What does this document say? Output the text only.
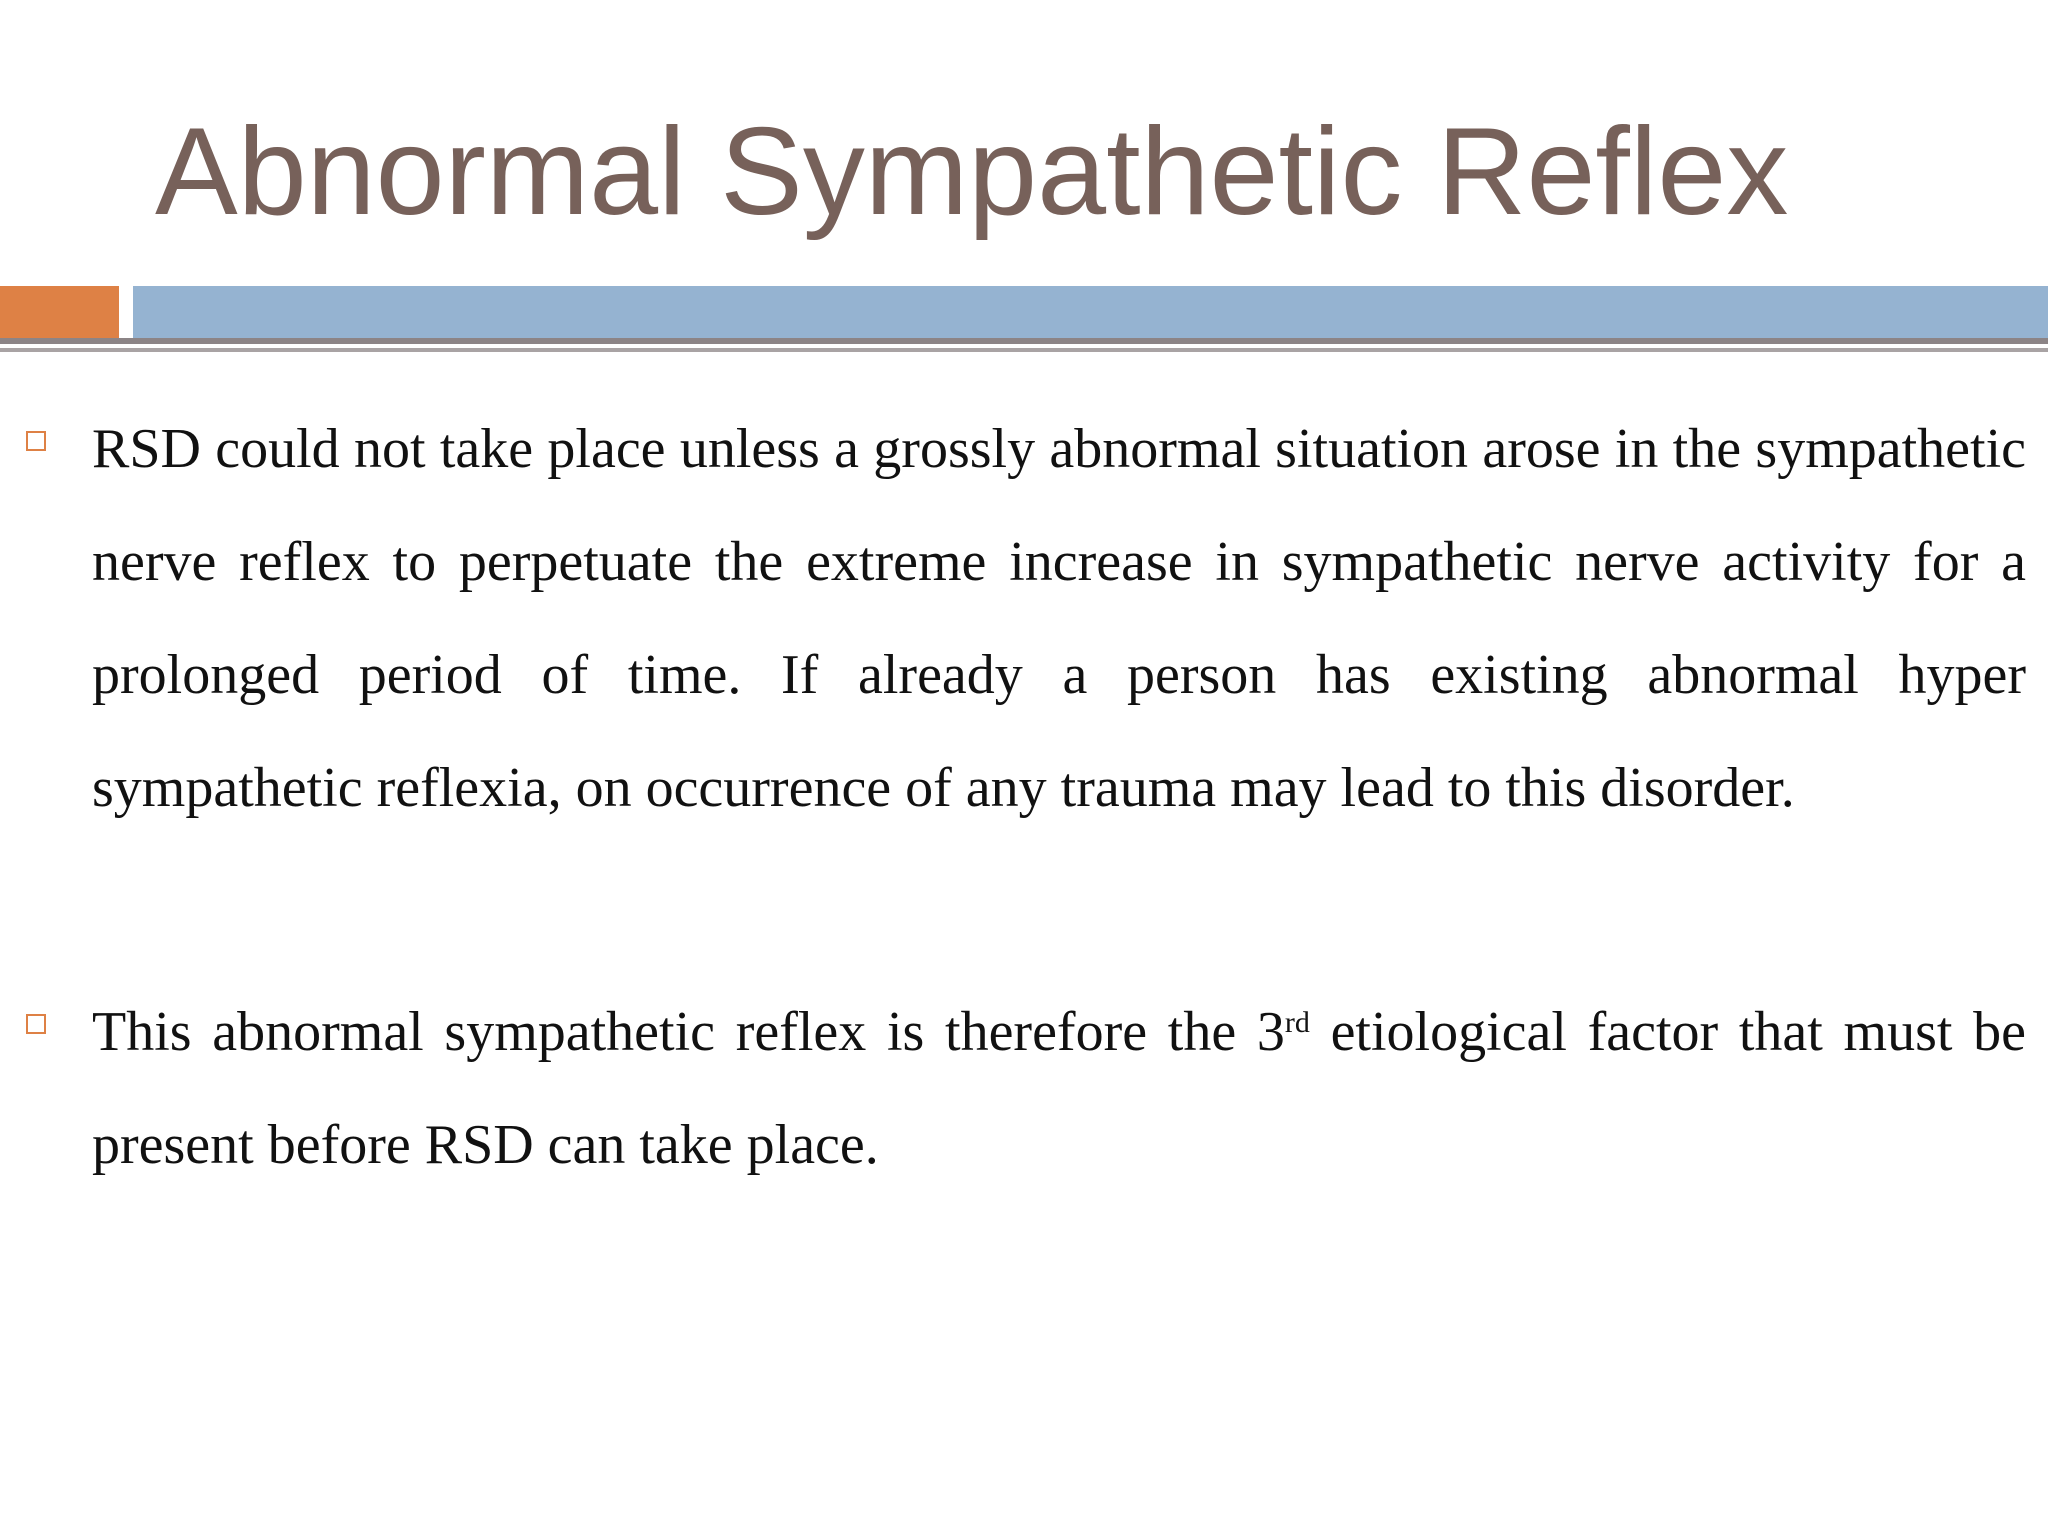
Abnormal Sympathetic Reflex

RSD could not take place unless a grossly abnormal situation arose in the sympathetic nerve reflex to perpetuate the extreme increase in sympathetic nerve activity for a prolonged period of time. If already a person has existing abnormal hyper sympathetic reflexia, on occurrence of any trauma may lead to this disorder.

This abnormal sympathetic reflex is therefore the 3rd etiological factor that must be present before RSD can take place.
